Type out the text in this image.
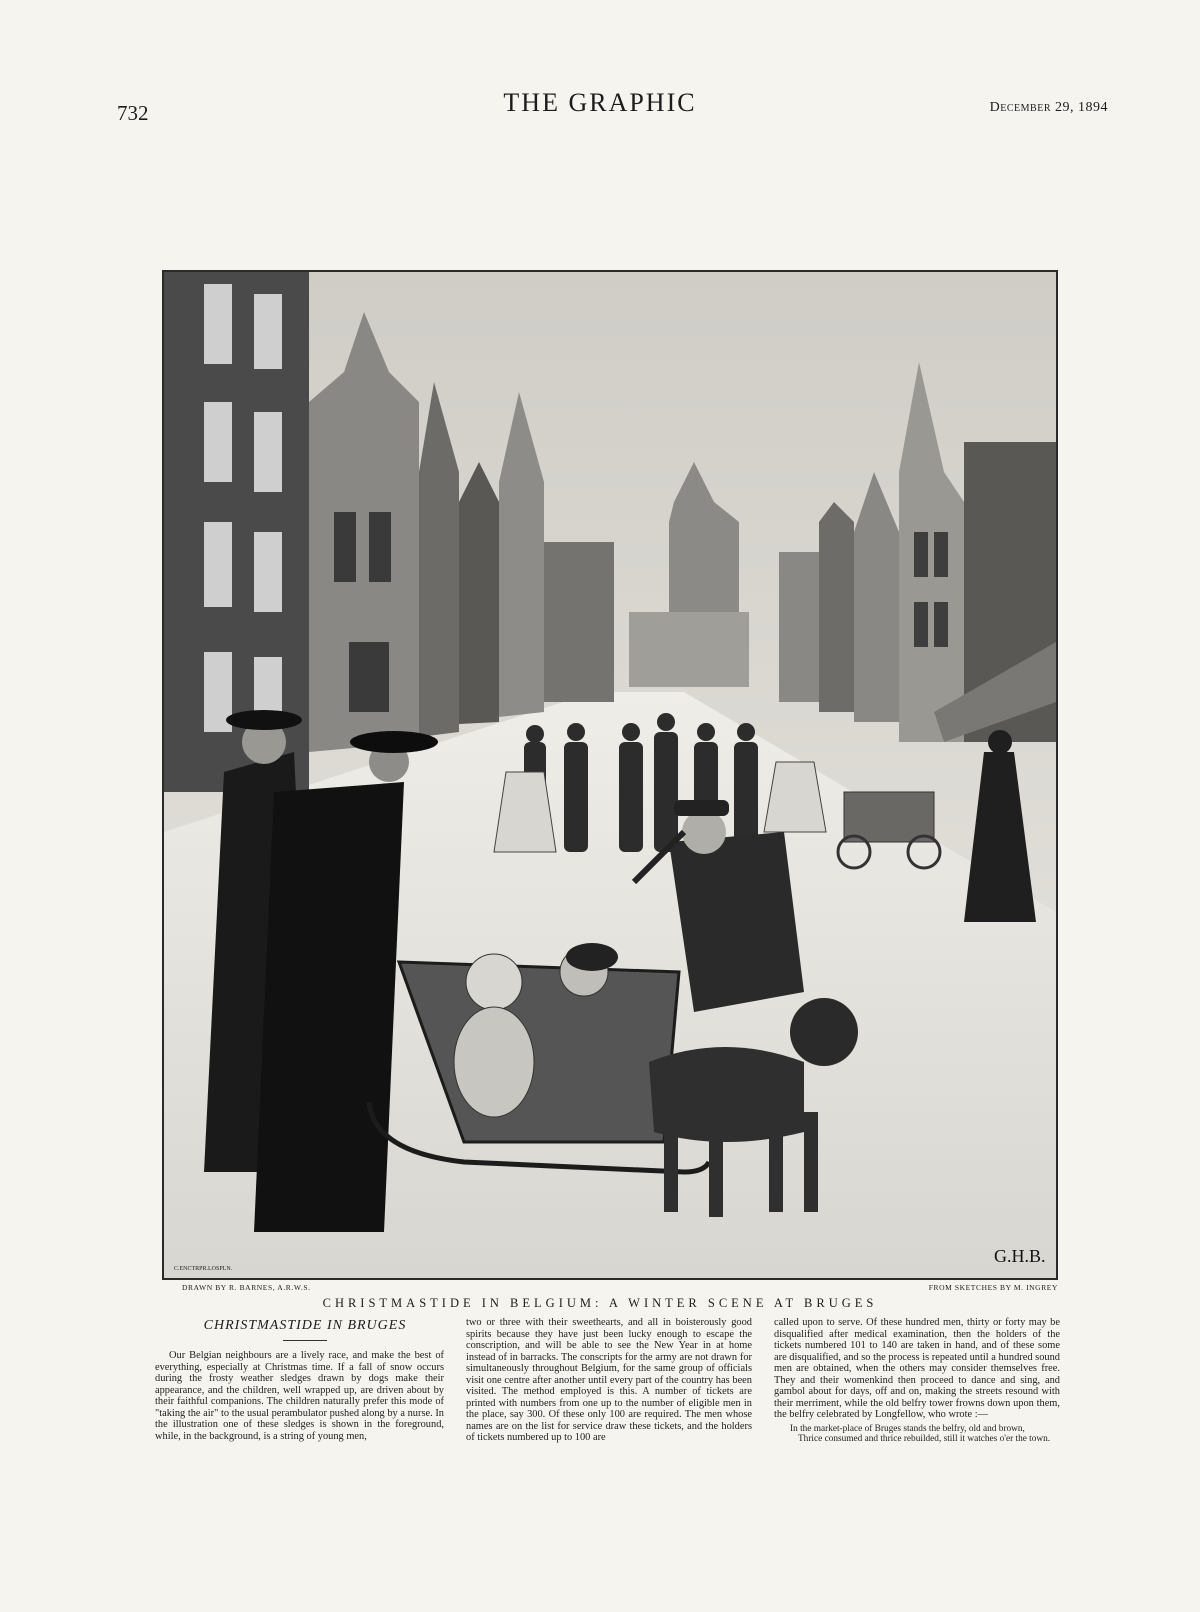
732	THE GRAPHIC	December 29, 1894
G.H.B.
C.ENCTRPR.LOSPLN.
DRAWN BY R. BARNES, A.R.W.S.	FROM SKETCHES BY M. INGREY
CHRISTMASTIDE IN BELGIUM: A WINTER SCENE AT BRUGES
CHRISTMASTIDE IN BRUGES
Our Belgian neighbours are a lively race, and make the best of everything, especially at Christmas time. If a fall of snow occurs during the frosty weather sledges drawn by dogs make their appearance, and the children, well wrapped up, are driven about by their faithful companions. The children naturally prefer this mode of "taking the air" to the usual perambulator pushed along by a nurse. In the illustration one of these sledges is shown in the foreground, while, in the background, is a string of young men,
two or three with their sweethearts, and all in boisterously good spirits because they have just been lucky enough to escape the conscription, and will be able to see the New Year in at home instead of in barracks. The conscripts for the army are not drawn for simultaneously throughout Belgium, for the same group of officials visit one centre after another until every part of the country has been visited. The method employed is this. A number of tickets are printed with numbers from one up to the number of eligible men in the place, say 300. Of these only 100 are required. The men whose names are on the list for service draw these tickets, and the holders of tickets numbered up to 100 are
called upon to serve. Of these hundred men, thirty or forty may be disqualified after medical examination, then the holders of the tickets numbered 101 to 140 are taken in hand, and of these some are disqualified, and so the process is repeated until a hundred sound men are obtained, when the others may consider themselves free. They and their womenkind then proceed to dance and sing, and gambol about for days, off and on, making the streets resound with their merriment, while the old belfry tower frowns down upon them, the belfry celebrated by Longfellow, who wrote :—
In the market-place of Bruges stands the belfry, old and brown,
Thrice consumed and thrice rebuilded, still it watches o'er the town.
